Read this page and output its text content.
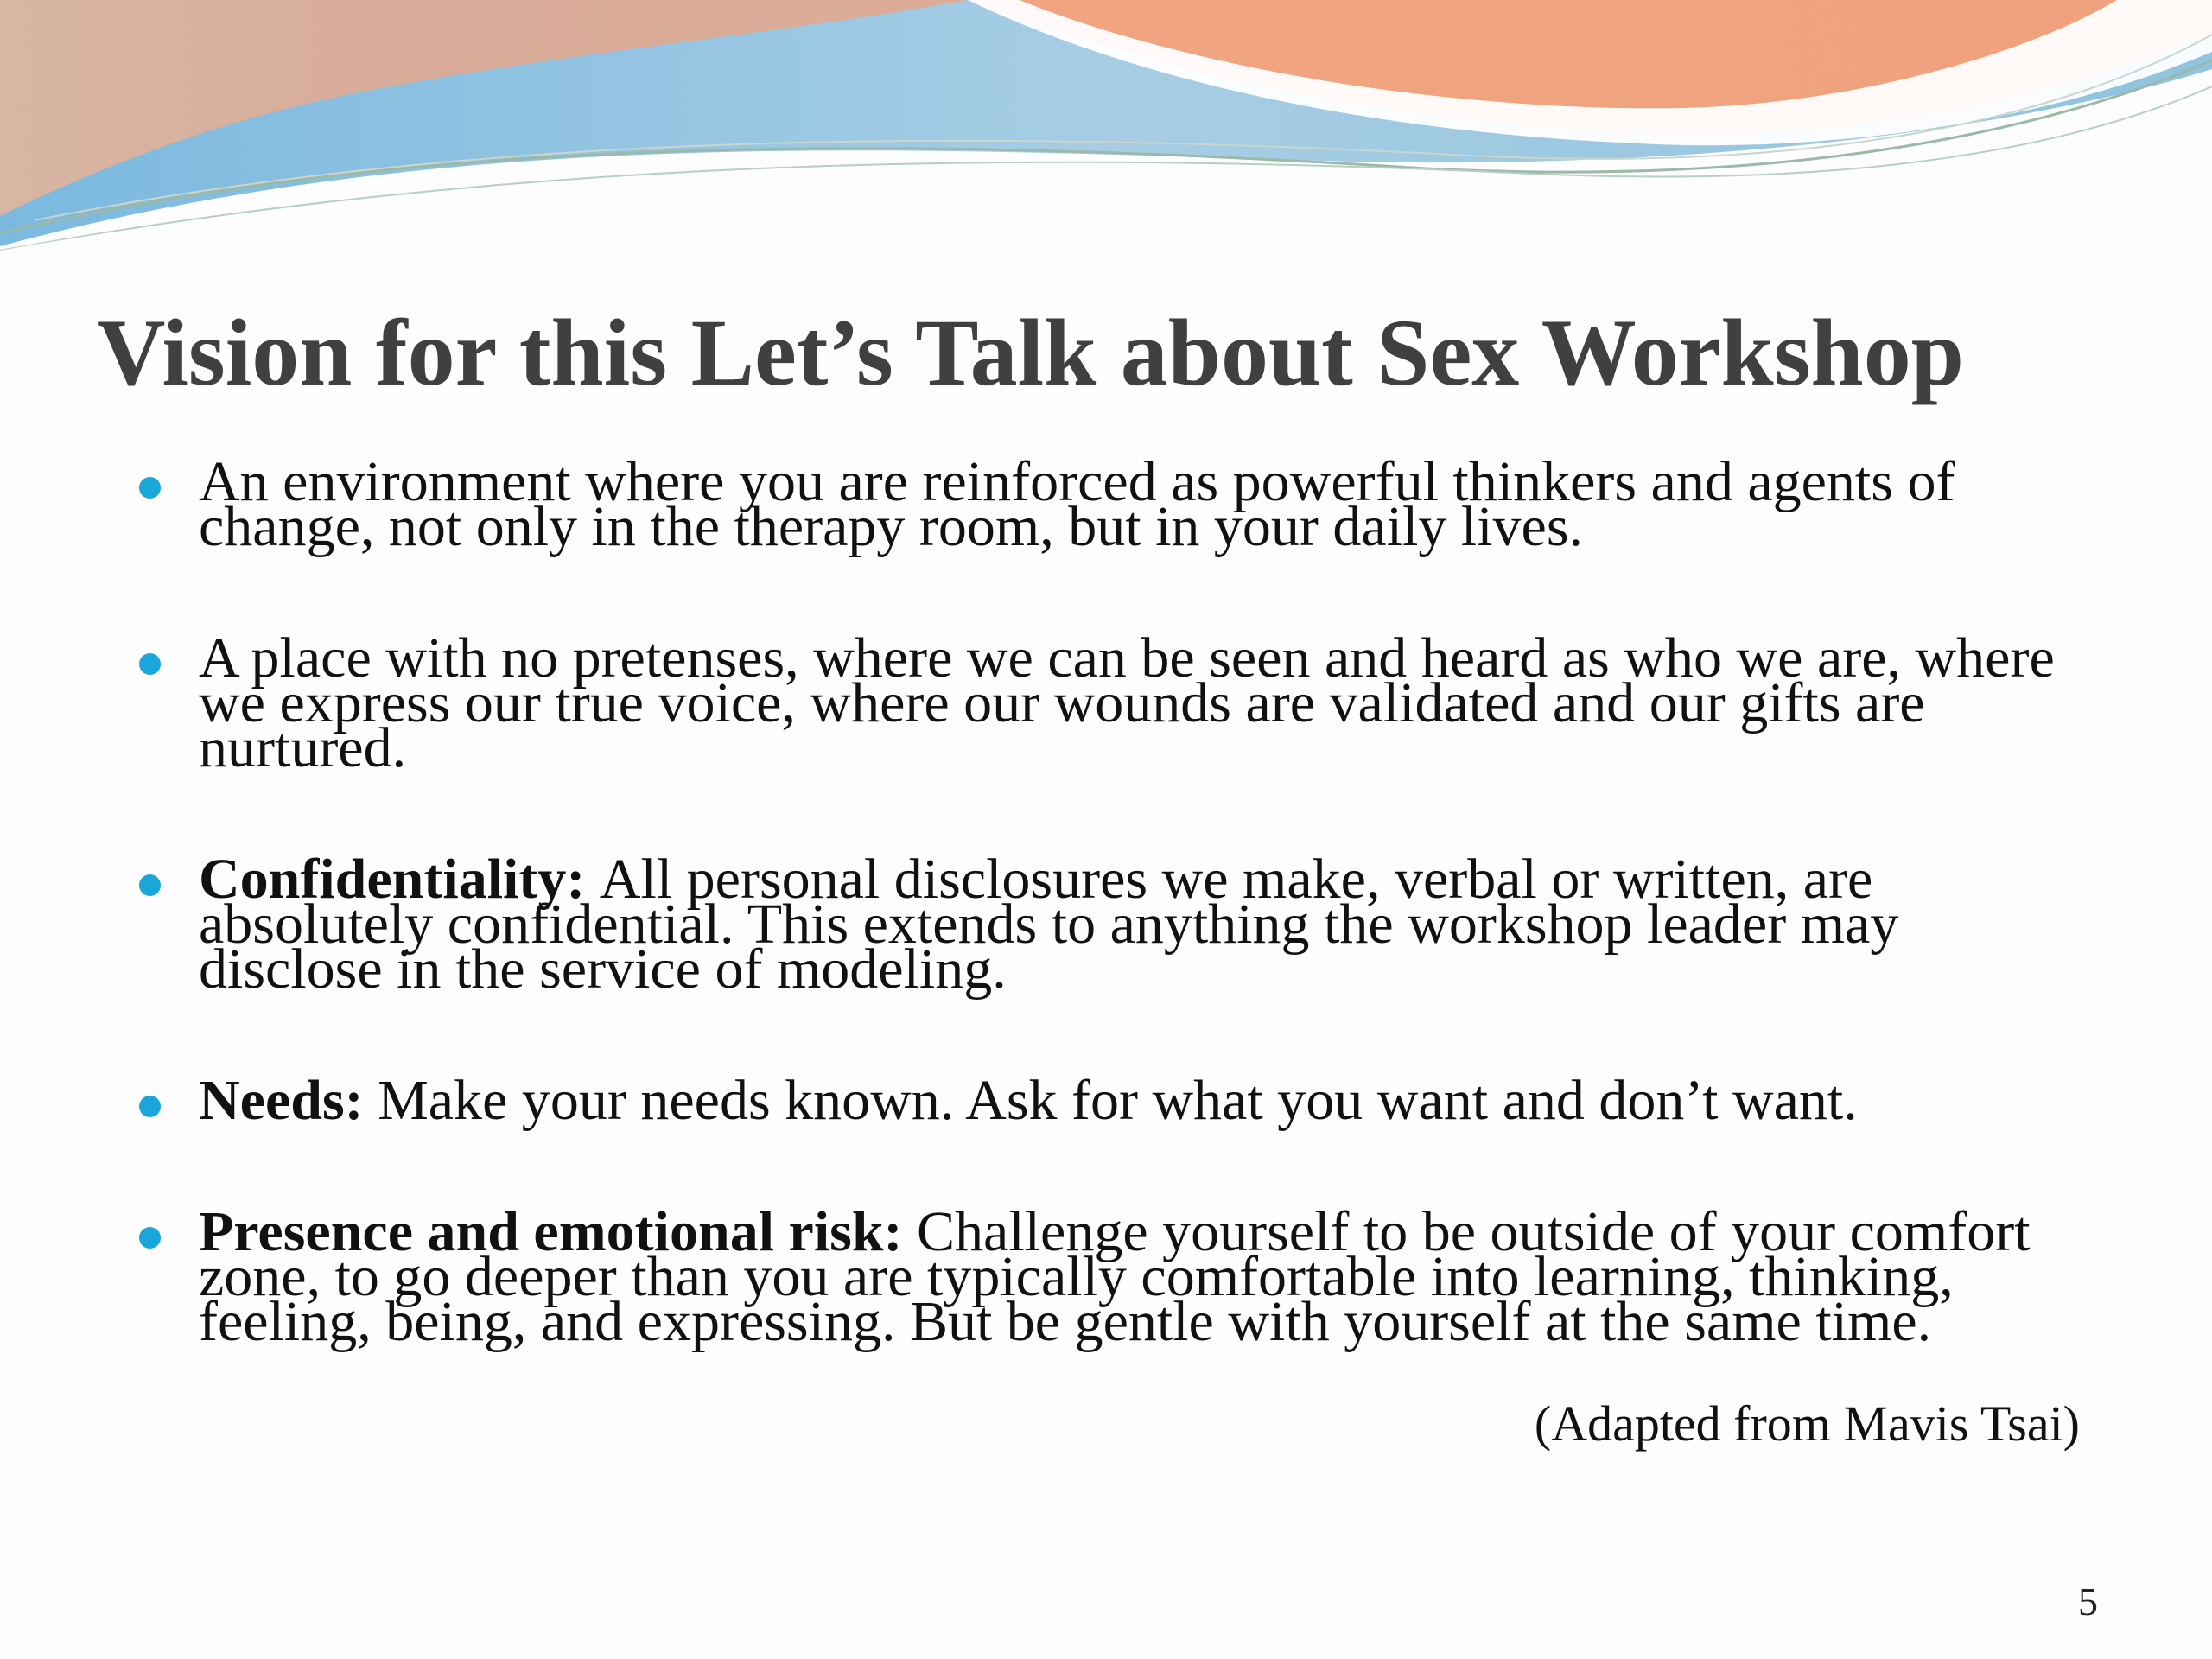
Vision for this Let’s Talk about Sex Workshop
An environment where you are reinforced as powerful thinkers and agents of change, not only in the therapy room, but in your daily lives.
A place with no pretenses, where we can be seen and heard as who we are, where we express our true voice, where our wounds are validated and our gifts are nurtured.
Confidentiality: All personal disclosures we make, verbal or written, are absolutely confidential. This extends to anything the workshop leader may disclose in the service of modeling.
Needs: Make your needs known. Ask for what you want and don’t want.
Presence and emotional risk: Challenge yourself to be outside of your comfort zone, to go deeper than you are typically comfortable into learning, thinking, feeling, being, and expressing. But be gentle with yourself at the same time.

(Adapted from Mavis Tsai)

5
